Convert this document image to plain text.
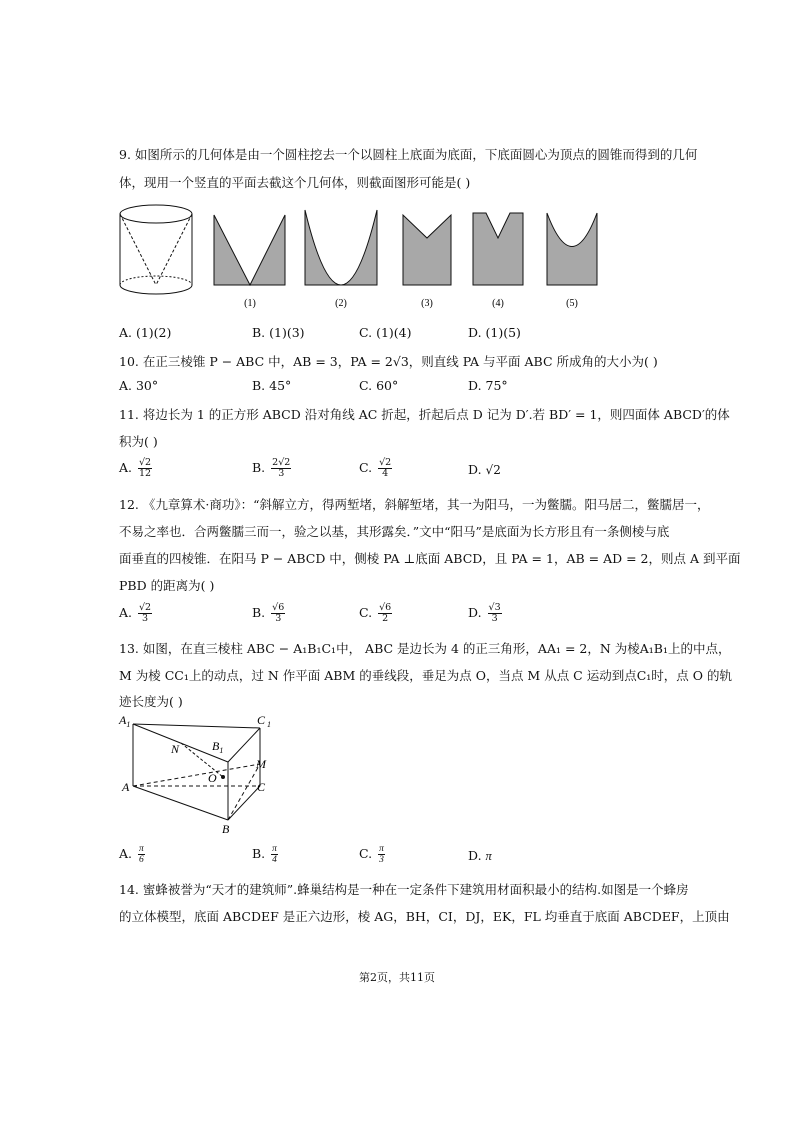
9. 如图所示的几何体是由一个圆柱挖去一个以圆柱上底面为底面，下底面圆心为顶点的圆锥而得到的几何
体，现用一个竖直的平面去截这个几何体，则截面图形可能是( )
(1)	(2)	(3)	(4)	(5)
A. (1)(2)	B. (1)(3)	C. (1)(4)	D. (1)(5)
10. 在正三棱锥 P − ABC 中，AB = 3，PA = 2√3，则直线 PA 与平面 ABC 所成角的大小为( )
A. 30°	B. 45°	C. 60°	D. 75°
11. 将边长为 1 的正方形 ABCD 沿对角线 AC 折起，折起后点 D 记为 D′.若 BD′ = 1，则四面体 ABCD′的体
积为( )
A. $\frac{√2}{12}$	B. $\frac{2√2}{3}$	C. $\frac{√2}{4}$	D. √2
12. 《九章算术·商功》：“斜解立方，得两堑堵，斜解堑堵，其一为阳马，一为鳖臑。阳马居二，鳖臑居一，
不易之率也．合两鳖臑三而一，验之以基，其形露矣．”文中“阳马”是底面为长方形且有一条侧棱与底
面垂直的四棱锥．在阳马 P − ABCD 中，侧棱 PA ⊥底面 ABCD，且 PA = 1，AB = AD = 2，则点 A 到平面
PBD 的距离为( )
A. $\frac{√2}{3}$	B. $\frac{√6}{3}$	C. $\frac{√6}{2}$	D. $\frac{√3}{3}$
13. 如图，在直三棱柱 ABC − A₁B₁C₁中， ABC 是边长为 4 的正三角形，AA₁ = 2，N 为棱A₁B₁上的中点，
M 为棱 CC₁上的动点，过 N 作平面 ABM 的垂线段，垂足为点 O，当点 M 从点 C 运动到点C₁时，点 O 的轨
迹长度为( )
$A_1$	C $_1$
N	$B_1$
M
O
A	C
B
A. $\frac{\pi}{6}$	B. $\frac{\pi}{4}$	C. $\frac{\pi}{3}$	D. π
14. 蜜蜂被誉为“天才的建筑师”.蜂巢结构是一种在一定条件下建筑用材面积最小的结构.如图是一个蜂房
的立体模型，底面 ABCDEF 是正六边形，棱 AG，BH，CI，DJ，EK，FL 均垂直于底面 ABCDEF，上顶由
第2页，共11页
